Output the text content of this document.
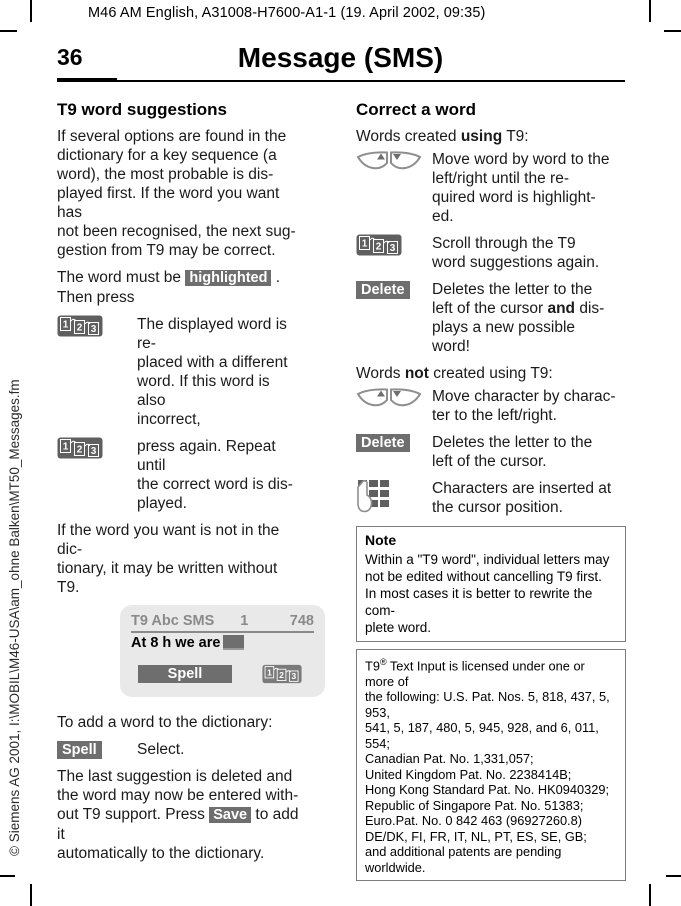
M46 AM English, A31008-H7600-A1-1 (19. April 2002, 09:35)
© Siemens AG 2001, I:\MOBIL\M46-USA\am_ohne Balken\MT50_Messages.fm
36	Message (SMS)
T9 word suggestions
If several options are found in the
dictionary for a key sequence (a
word), the most probable is dis-
played first. If the word you want has
not been recognised, the next sug-
gestion from T9 may be correct.
The word must be highlighted .
Then press
1 2 3	The displayed word is re-
placed with a different
word. If this word is also
incorrect,
1 2 3	press again. Repeat until
the correct word is dis-
played.
If the word you want is not in the dic-
tionary, it may be written without
T9.
T9 Abc SMS 1	748
At 8 h we are
Spell	1 2 3
To add a word to the dictionary:
Spell	Select.
The last suggestion is deleted and
the word may now be entered with-
out T9 support. Press Save to add it
automatically to the dictionary.
Correct a word
Words created using T9:
Move word by word to the
left/right until the re-
quired word is highlight-
ed.
1 2 3 Scroll through the T9
word suggestions again.
Delete	Deletes the letter to the
left of the cursor and dis-
plays a new possible
word!
Words not created using T9:
Move character by charac-
ter to the left/right.
Delete	Deletes the letter to the
left of the cursor.
Characters are inserted at
the cursor position.
Note
Within a "T9 word", individual letters may
not be edited without cancelling T9 first.
In most cases it is better to rewrite the com-
plete word.
T9® Text Input is licensed under one or more of
the following: U.S. Pat. Nos. 5, 818, 437, 5, 953,
541, 5, 187, 480, 5, 945, 928, and 6, 011, 554;
Canadian Pat. No. 1,331,057;
United Kingdom Pat. No. 2238414B;
Hong Kong Standard Pat. No. HK0940329;
Republic of Singapore Pat. No. 51383;
Euro.Pat. No. 0 842 463 (96927260.8)
DE/DK, FI, FR, IT, NL, PT, ES, SE, GB;
and additional patents are pending worldwide.
